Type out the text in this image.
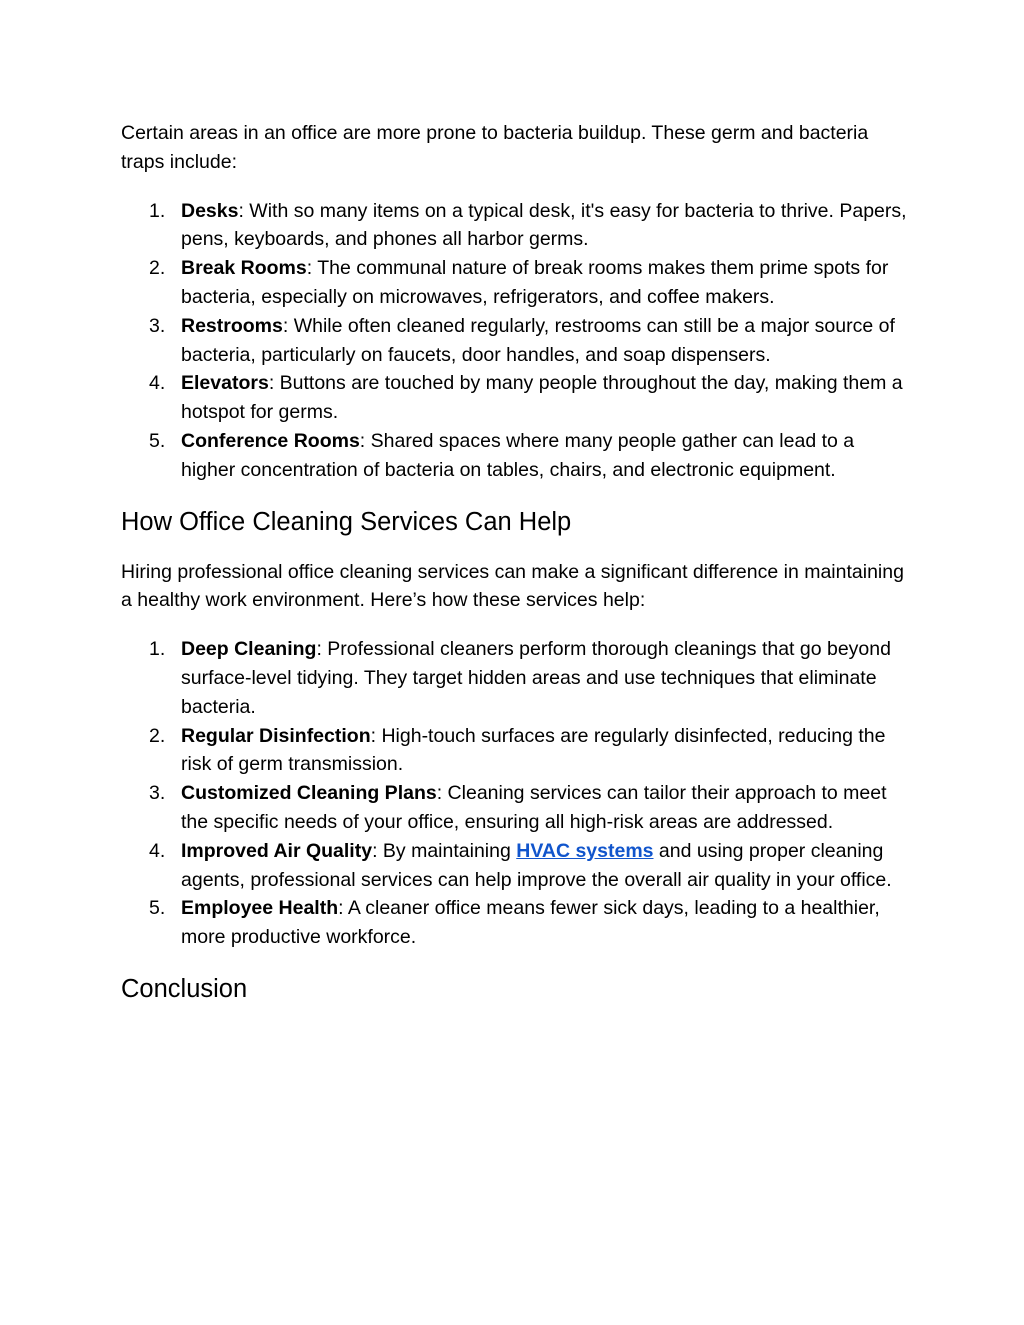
Certain areas in an office are more prone to bacteria buildup. These germ and bacteria traps include:

1. Desks: With so many items on a typical desk, it's easy for bacteria to thrive. Papers, pens, keyboards, and phones all harbor germs.
2. Break Rooms: The communal nature of break rooms makes them prime spots for bacteria, especially on microwaves, refrigerators, and coffee makers.
3. Restrooms: While often cleaned regularly, restrooms can still be a major source of bacteria, particularly on faucets, door handles, and soap dispensers.
4. Elevators: Buttons are touched by many people throughout the day, making them a hotspot for germs.
5. Conference Rooms: Shared spaces where many people gather can lead to a higher concentration of bacteria on tables, chairs, and electronic equipment.
How Office Cleaning Services Can Help

Hiring professional office cleaning services can make a significant difference in maintaining a healthy work environment. Here’s how these services help:

1. Deep Cleaning: Professional cleaners perform thorough cleanings that go beyond surface-level tidying. They target hidden areas and use techniques that eliminate bacteria.
2. Regular Disinfection: High-touch surfaces are regularly disinfected, reducing the risk of germ transmission.
3. Customized Cleaning Plans: Cleaning services can tailor their approach to meet the specific needs of your office, ensuring all high-risk areas are addressed.
4. Improved Air Quality: By maintaining HVAC systems and using proper cleaning agents, professional services can help improve the overall air quality in your office.
5. Employee Health: A cleaner office means fewer sick days, leading to a healthier, more productive workforce.
Conclusion
